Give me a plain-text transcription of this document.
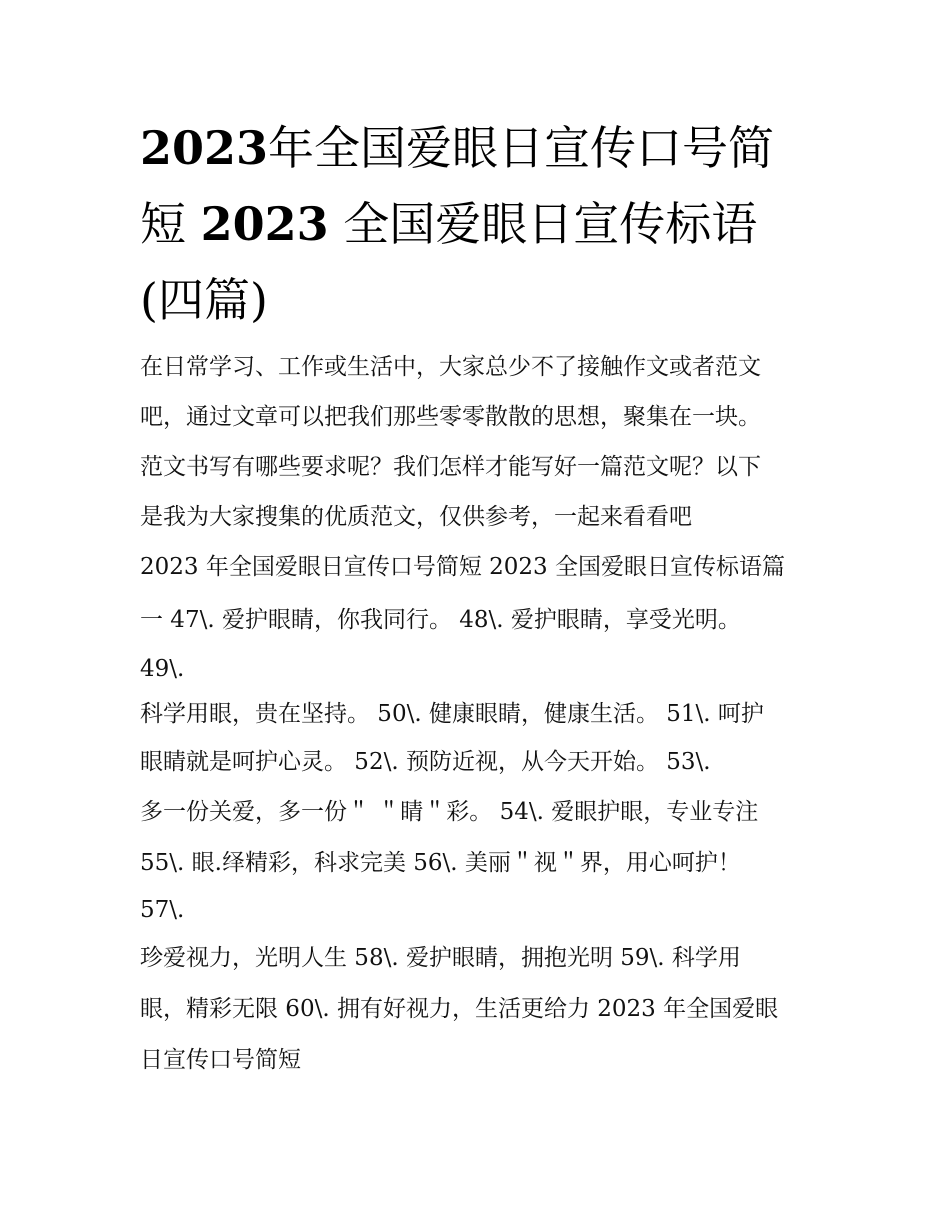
2023年全国爱眼日宣传口号简
短 2023 全国爱眼日宣传标语
(四篇)
在日常学习、工作或生活中，大家总少不了接触作文或者范文
吧，通过文章可以把我们那些零零散散的思想，聚集在一块。
范文书写有哪些要求呢？我们怎样才能写好一篇范文呢？以下
是我为大家搜集的优质范文，仅供参考，一起来看看吧
2023 年全国爱眼日宣传口号简短 2023 全国爱眼日宣传标语篇
一 47\. 爱护眼睛，你我同行。 48\. 爱护眼睛，享受光明。
49\.
科学用眼，贵在坚持。 50\. 健康眼睛，健康生活。 51\. 呵护
眼睛就是呵护心灵。 52\. 预防近视，从今天开始。 53\.
多一份关爱，多一份＂ ＂睛＂彩。 54\. 爱眼护眼，专业专注
55\. 眼.绎精彩，科求完美 56\. 美丽＂视＂界，用心呵护！
57\.
珍爱视力，光明人生 58\. 爱护眼睛，拥抱光明 59\. 科学用
眼，精彩无限 60\. 拥有好视力，生活更给力 2023 年全国爱眼
日宣传口号简短
